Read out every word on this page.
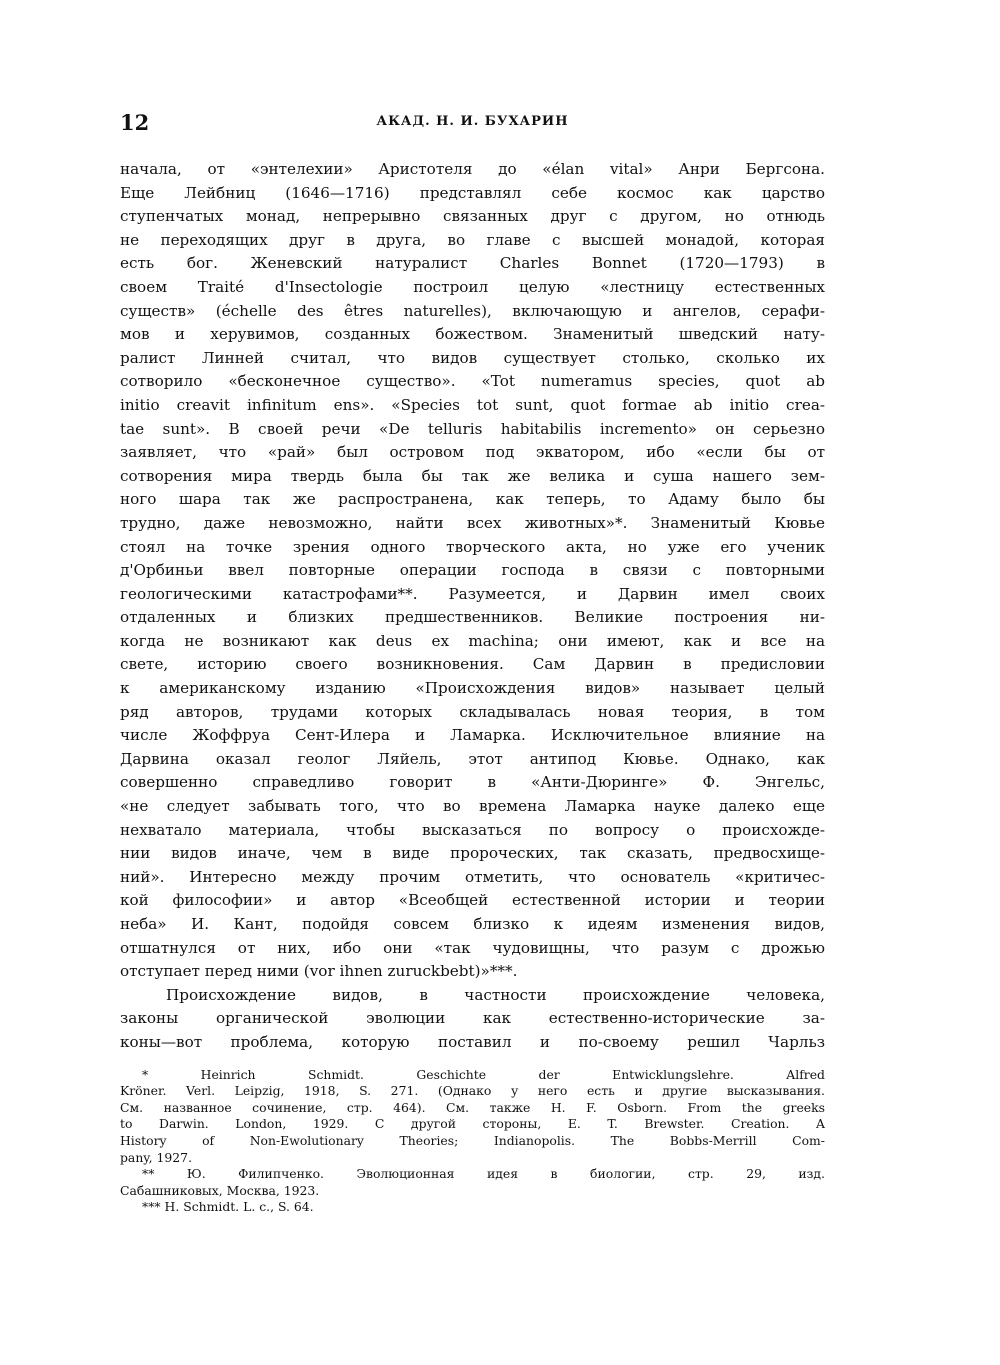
12	АКАД. Н. И. БУХАРИН
начала, от «энтелехии» Аристотеля до «élan vital» Анри Бергсона.
Еще Лейбниц (1646—1716) представлял себе космос как царство
ступенчатых монад, непрерывно связанных друг с другом, но отнюдь
не переходящих друг в друга, во главе с высшей монадой, которая
есть бог. Женевский натуралист Charles Bonnet (1720—1793) в
своем Traité d'Insectologie построил целую «лестницу естественных
существ» (échelle des êtres naturelles), включающую и ангелов, серафи-
мов и херувимов, созданных божеством. Знаменитый шведский нату-
ралист Линней считал, что видов существует столько, сколько их
сотворило «бесконечное существо». «Tot numeramus species, quot ab
initio creavit infinitum ens». «Species tot sunt, quot formae ab initio crea-
tae sunt». В своей речи «De telluris habitabilis incremento» он серьезно
заявляет, что «рай» был островом под экватором, ибо «если бы от
сотворения мира твердь была бы так же велика и суша нашего зем-
ного шара так же распространена, как теперь, то Адаму было бы
трудно, даже невозможно, найти всех животных»*. Знаменитый Кювье
стоял на точке зрения одного творческого акта, но уже его ученик
д'Орбиньи ввел повторные операции господа в связи с повторными
геологическими катастрофами**. Разумеется, и Дарвин имел своих
отдаленных и близких предшественников. Великие построения ни-
когда не возникают как deus ex machina; они имеют, как и все на
свете, историю своего возникновения. Сам Дарвин в предисловии
к американскому изданию «Происхождения видов» называет целый
ряд авторов, трудами которых складывалась новая теория, в том
числе Жоффруа Сент-Илера и Ламарка. Исключительное влияние на
Дарвина оказал геолог Ляйель, этот антипод Кювье. Однако, как
совершенно справедливо говорит в «Анти-Дюринге» Ф. Энгельс,
«не следует забывать того, что во времена Ламарка науке далеко еще
нехватало материала, чтобы высказаться по вопросу о происхожде-
нии видов иначе, чем в виде пророческих, так сказать, предвосхище-
ний». Интересно между прочим отметить, что основатель «критичес-
кой философии» и автор «Всеобщей естественной истории и теории
неба» И. Кант, подойдя совсем близко к идеям изменения видов,
отшатнулся от них, ибо они «так чудовищны, что разум с дрожью
отступает перед ними (vor ihnen zuruckbebt)»***.
Происхождение видов, в частности происхождение человека,
законы органической эволюции как естественно-исторические за-
коны—вот проблема, которую поставил и по-своему решил Чарльз
* Heinrich Schmidt. Geschichte der Entwicklungslehre. Alfred
Kröner. Verl. Leipzig, 1918, S. 271. (Однако у него есть и другие высказывания.
См. названное сочинение, стр. 464). См. также H. F. Osborn. From the greeks
to Darwin. London, 1929. С другой стороны, E. T. Brewster. Creation. A
History of Non-Ewolutionary Theories; Indianopolis. The Bobbs-Merrill Com-
pany, 1927.
** Ю. Филипченко. Эволюционная идея в биологии, стр. 29, изд.
Сабашниковых, Москва, 1923.
*** H. Schmidt. L. c., S. 64.
